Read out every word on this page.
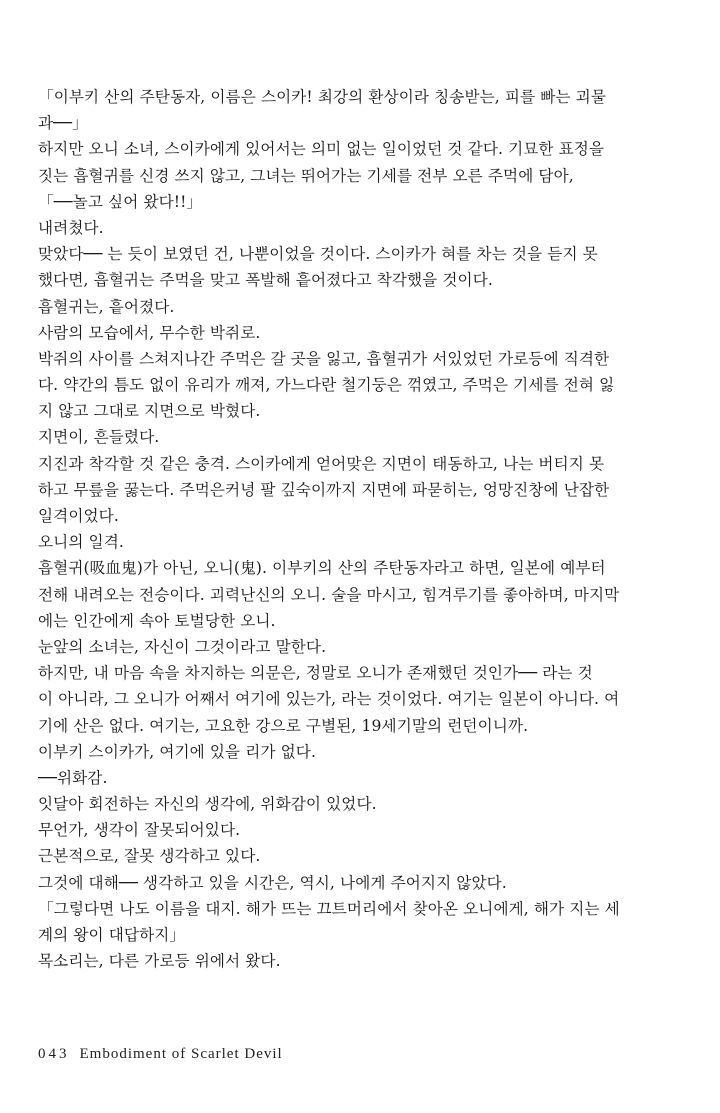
「이부키 산의 주탄동자, 이름은 스이카! 최강의 환상이라 칭송받는, 피를 빠는 괴물
과──」
하지만 오니 소녀, 스이카에게 있어서는 의미 없는 일이었던 것 같다. 기묘한 표정을
짓는 흡혈귀를 신경 쓰지 않고, 그녀는 뛰어가는 기세를 전부 오른 주먹에 담아,
「──놀고 싶어 왔다!!」
내려쳤다.
맞았다── 는 듯이 보였던 건, 나뿐이었을 것이다. 스이카가 혀를 차는 것을 듣지 못
했다면, 흡혈귀는 주먹을 맞고 폭발해 흩어졌다고 착각했을 것이다.
흡혈귀는, 흩어졌다.
사람의 모습에서, 무수한 박쥐로.
박쥐의 사이를 스쳐지나간 주먹은 갈 곳을 잃고, 흡혈귀가 서있었던 가로등에 직격한
다. 약간의 틈도 없이 유리가 깨져, 가느다란 철기둥은 꺾였고, 주먹은 기세를 전혀 잃
지 않고 그대로 지면으로 박혔다.
지면이, 흔들렸다.
지진과 착각할 것 같은 충격. 스이카에게 얻어맞은 지면이 태동하고, 나는 버티지 못
하고 무릎을 꿇는다. 주먹은커녕 팔 깊숙이까지 지면에 파묻히는, 엉망진창에 난잡한
일격이었다.
오니의 일격.
흡혈귀(吸血鬼)가 아닌, 오니(鬼). 이부키의 산의 주탄동자라고 하면, 일본에 예부터
전해 내려오는 전승이다. 괴력난신의 오니. 술을 마시고, 힘겨루기를 좋아하며, 마지막
에는 인간에게 속아 토벌당한 오니.
눈앞의 소녀는, 자신이 그것이라고 말한다.
하지만, 내 마음 속을 차지하는 의문은, 정말로 오니가 존재했던 것인가── 라는 것
이 아니라, 그 오니가 어째서 여기에 있는가, 라는 것이었다. 여기는 일본이 아니다. 여
기에 산은 없다. 여기는, 고요한 강으로 구별된, 19세기말의 런던이니까.
이부키 스이카가, 여기에 있을 리가 없다.
──위화감.
잇달아 회전하는 자신의 생각에, 위화감이 있었다.
무언가, 생각이 잘못되어있다.
근본적으로, 잘못 생각하고 있다.
그것에 대해── 생각하고 있을 시간은, 역시, 나에게 주어지지 않았다.
「그렇다면 나도 이름을 대지. 해가 뜨는 끄트머리에서 찾아온 오니에게, 해가 지는 세
계의 왕이 대답하지」
목소리는, 다른 가로등 위에서 왔다.
043 Embodiment of Scarlet Devil
